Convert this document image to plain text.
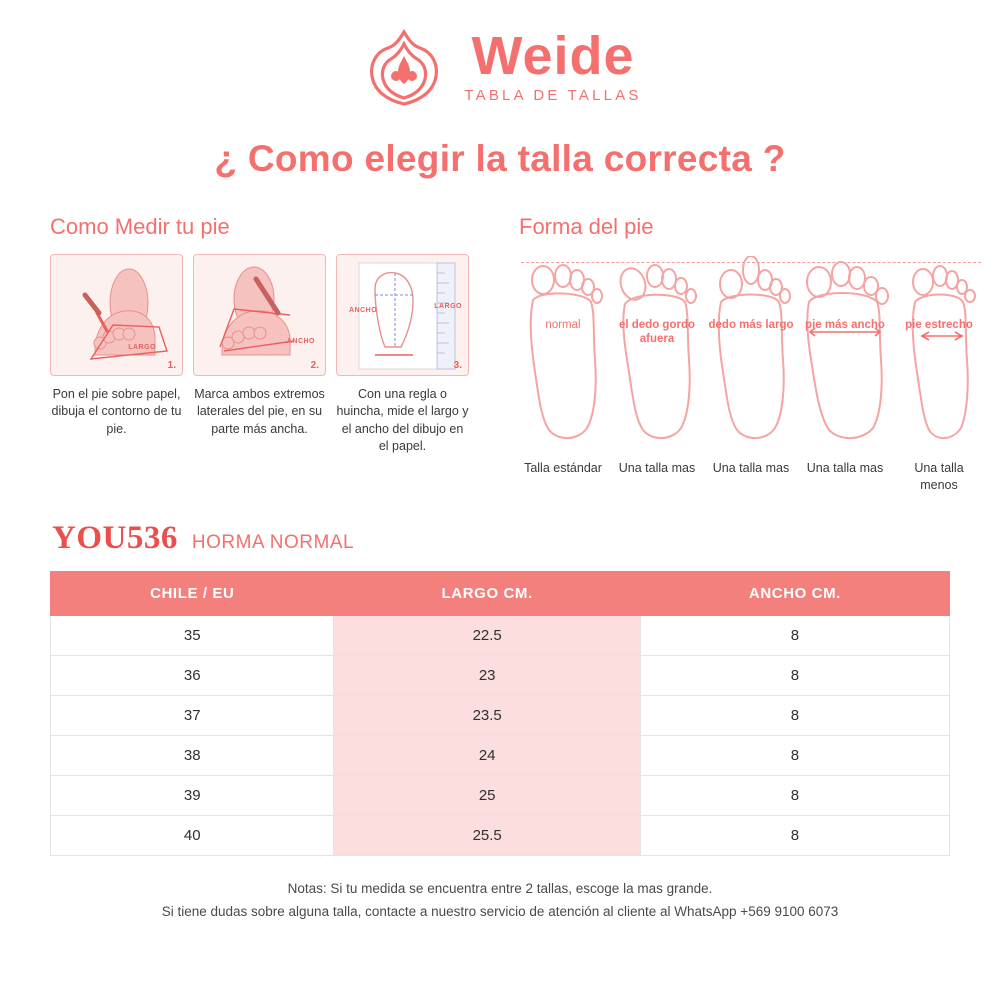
Weide
TABLA DE TALLAS
¿ Como elegir la talla correcta ?
Como Medir tu pie
LARGO
1.
Pon el pie sobre papel, dibuja el contorno de tu pie.
ANCHO
2.
Marca ambos extremos laterales del pie, en su parte más ancha.
ANCHO
LARGO
3.
Con una regla o huincha, mide el largo y el ancho del dibujo en el papel.
Forma del pie
normal
Talla estándar
el dedo gordo afuera
Una talla mas
dedo más largo
Una talla mas
pie más ancho
Una talla mas
pie estrecho
Una talla menos
YOU536 HORMA NORMAL
CHILE / EU	LARGO CM.	ANCHO CM.
35	22.5	8
36	23	8
37	23.5	8
38	24	8
39	25	8
40	25.5	8
Notas: Si tu medida se encuentra entre 2 tallas, escoge la mas grande.
Si tiene dudas sobre alguna talla, contacte a nuestro servicio de atención al cliente al WhatsApp +569 9100 6073
